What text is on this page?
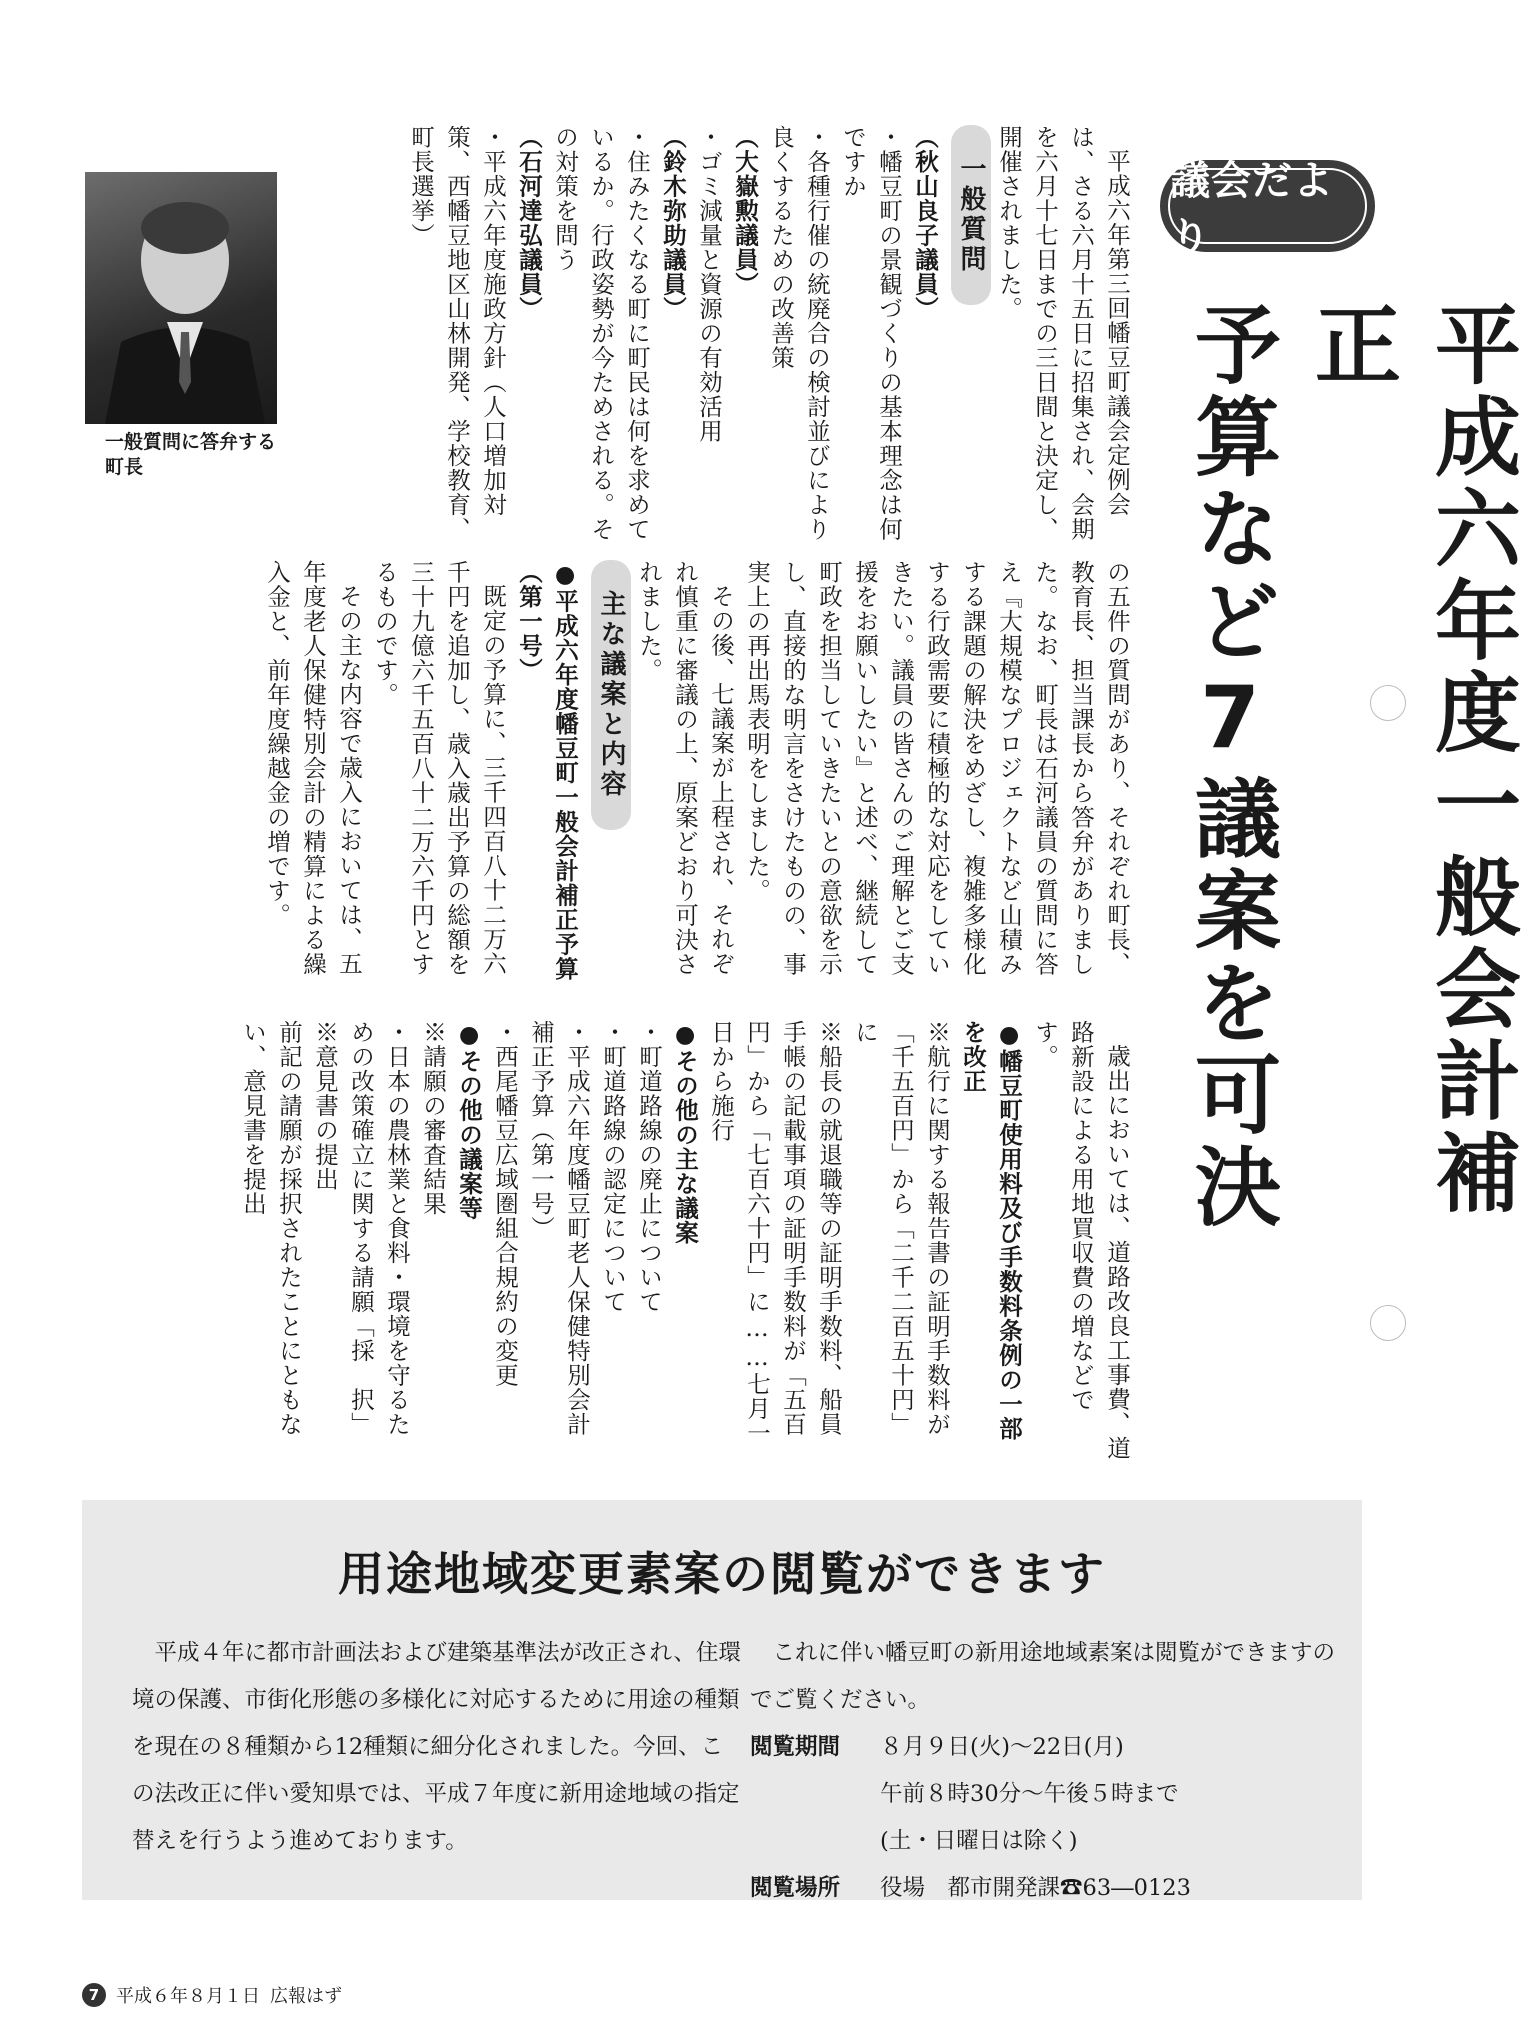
議会だより
平成六年度一般会計補正
予算など7議案を可決

平成六年第三回幡豆町議会定例会は、さる六月十五日に招集され、会期を六月十七日までの三日間と決定し、開催されました。

一般質問

（秋山良子議員）

・幡豆町の景観づくりの基本理念は何ですか

・各種行催の統廃合の検討並びにより良くするための改善策

（大嶽勲議員）

・ゴミ減量と資源の有効活用

（鈴木弥助議員）

・住みたくなる町に町民は何を求めているか。行政姿勢が今ためされる。その対策を問う

（石河達弘議員）

・平成六年度施政方針（人口増加対策、西幡豆地区山林開発、学校教育、町長選挙）

一般質問に答弁する町長

の五件の質問があり、それぞれ町長、教育長、担当課長から答弁がありました。なお、町長は石河議員の質問に答え『大規模なプロジェクトなど山積みする課題の解決をめざし、複雑多様化する行政需要に積極的な対応をしていきたい。議員の皆さんのご理解とご支援をお願いしたい』と述べ、継続して町政を担当していきたいとの意欲を示し、直接的な明言をさけたものの、事実上の再出馬表明をしました。

その後、七議案が上程され、それぞれ慎重に審議の上、原案どおり可決されました。

主な議案と内容

●平成六年度幡豆町一般会計補正予算（第一号）

既定の予算に、三千四百八十二万六千円を追加し、歳入歳出予算の総額を三十九億六千五百八十二万六千円とするものです。

その主な内容で歳入においては、五年度老人保健特別会計の精算による繰入金と、前年度繰越金の増です。

歳出においては、道路改良工事費、道路新設による用地買収費の増などです。

●幡豆町使用料及び手数料条例の一部を改正

※航行に関する報告書の証明手数料が「千五百円」から「二千二百五十円」に

※船長の就退職等の証明手数料、船員手帳の記載事項の証明手数料が「五百円」から「七百六十円」に……七月一日から施行

●その他の主な議案

・町道路線の廃止について

・町道路線の認定について

・平成六年度幡豆町老人保健特別会計補正予算（第一号）

・西尾幡豆広域圏組合規約の変更

●その他の議案等

※請願の審査結果

・日本の農林業と食料・環境を守るための改策確立に関する請願「採　択」

※意見書の提出

前記の請願が採択されたことにともない、意見書を提出

用途地域変更素案の閲覧ができます

平成４年に都市計画法および建築基準法が改正され、住環境の保護、市街化形態の多様化に対応するために用途の種類を現在の８種類から12種類に細分化されました。今回、この法改正に伴い愛知県では、平成７年度に新用途地域の指定替えを行うよう進めております。

これに伴い幡豆町の新用途地域素案は閲覧ができますのでご覧ください。

閲覧期間	８月９日(火)～22日(月)
午前８時30分～午後５時まで
(土・日曜日は除く)
閲覧場所	役場　都市開発課☎63―0123
7 平成６年８月１日 広報はず
